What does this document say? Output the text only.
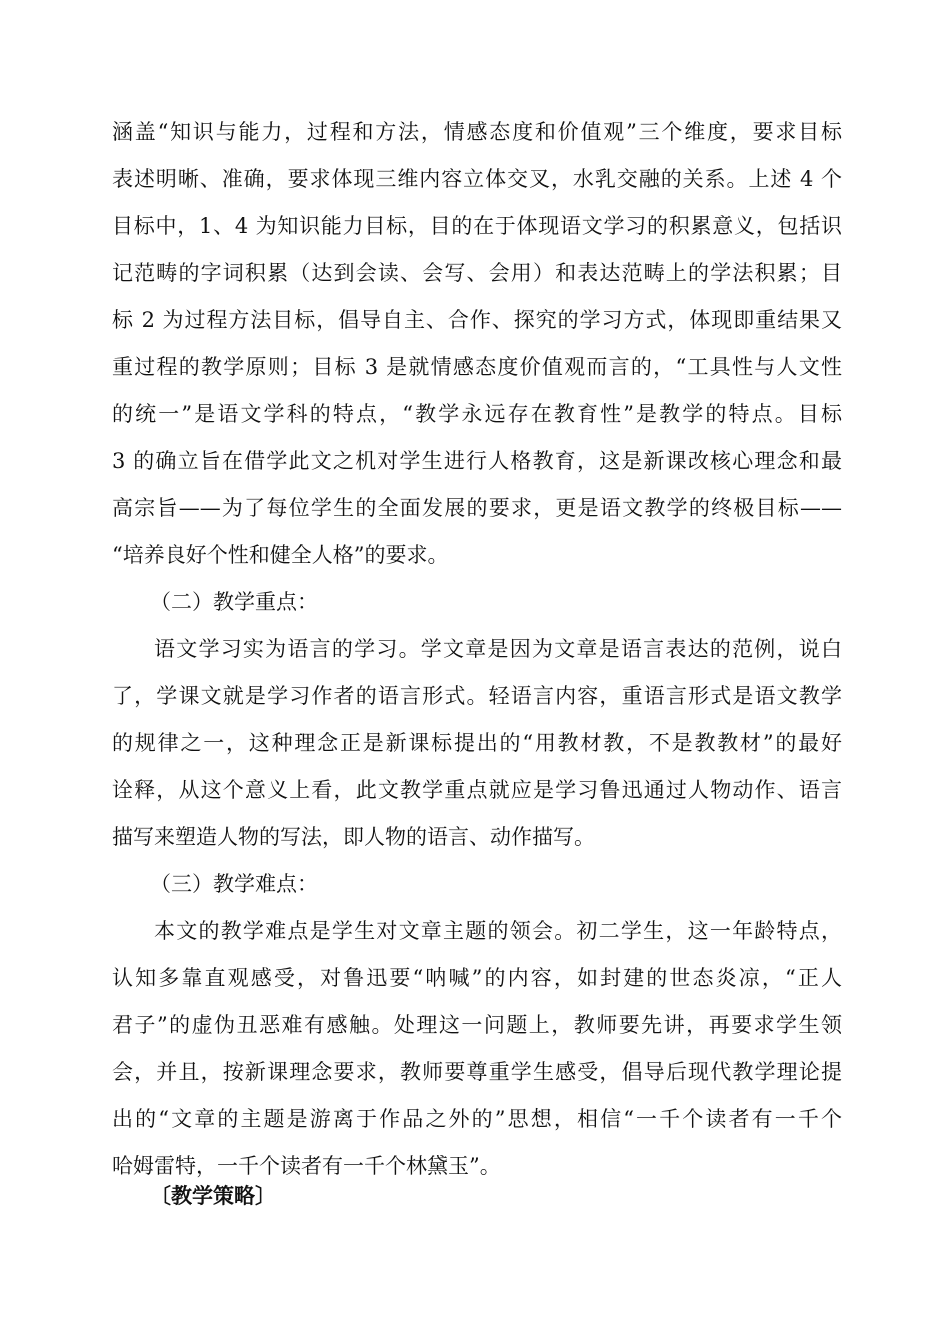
涵盖“知识与能力，过程和方法，情感态度和价值观”三个维度，要求目标
表述明晰、准确，要求体现三维内容立体交叉，水乳交融的关系。上述 4 个
目标中，1、4 为知识能力目标，目的在于体现语文学习的积累意义，包括识
记范畴的字词积累（达到会读、会写、会用）和表达范畴上的学法积累；目
标 2 为过程方法目标，倡导自主、合作、探究的学习方式，体现即重结果又
重过程的教学原则；目标 3 是就情感态度价值观而言的，“工具性与人文性
的统一”是语文学科的特点，“教学永远存在教育性”是教学的特点。目标
3 的确立旨在借学此文之机对学生进行人格教育，这是新课改核心理念和最
高宗旨——为了每位学生的全面发展的要求，更是语文教学的终极目标——
“培养良好个性和健全人格”的要求。
（二）教学重点：
语文学习实为语言的学习。学文章是因为文章是语言表达的范例，说白
了，学课文就是学习作者的语言形式。轻语言内容，重语言形式是语文教学
的规律之一，这种理念正是新课标提出的“用教材教，不是教教材”的最好
诠释，从这个意义上看，此文教学重点就应是学习鲁迅通过人物动作、语言
描写来塑造人物的写法，即人物的语言、动作描写。
（三）教学难点：
本文的教学难点是学生对文章主题的领会。初二学生，这一年龄特点，
认知多靠直观感受，对鲁迅要“呐喊”的内容，如封建的世态炎凉，“正人
君子”的虚伪丑恶难有感触。处理这一问题上，教师要先讲，再要求学生领
会，并且，按新课理念要求，教师要尊重学生感受，倡导后现代教学理论提
出的“文章的主题是游离于作品之外的”思想，相信“一千个读者有一千个
哈姆雷特，一千个读者有一千个林黛玉”。
〔教学策略〕
